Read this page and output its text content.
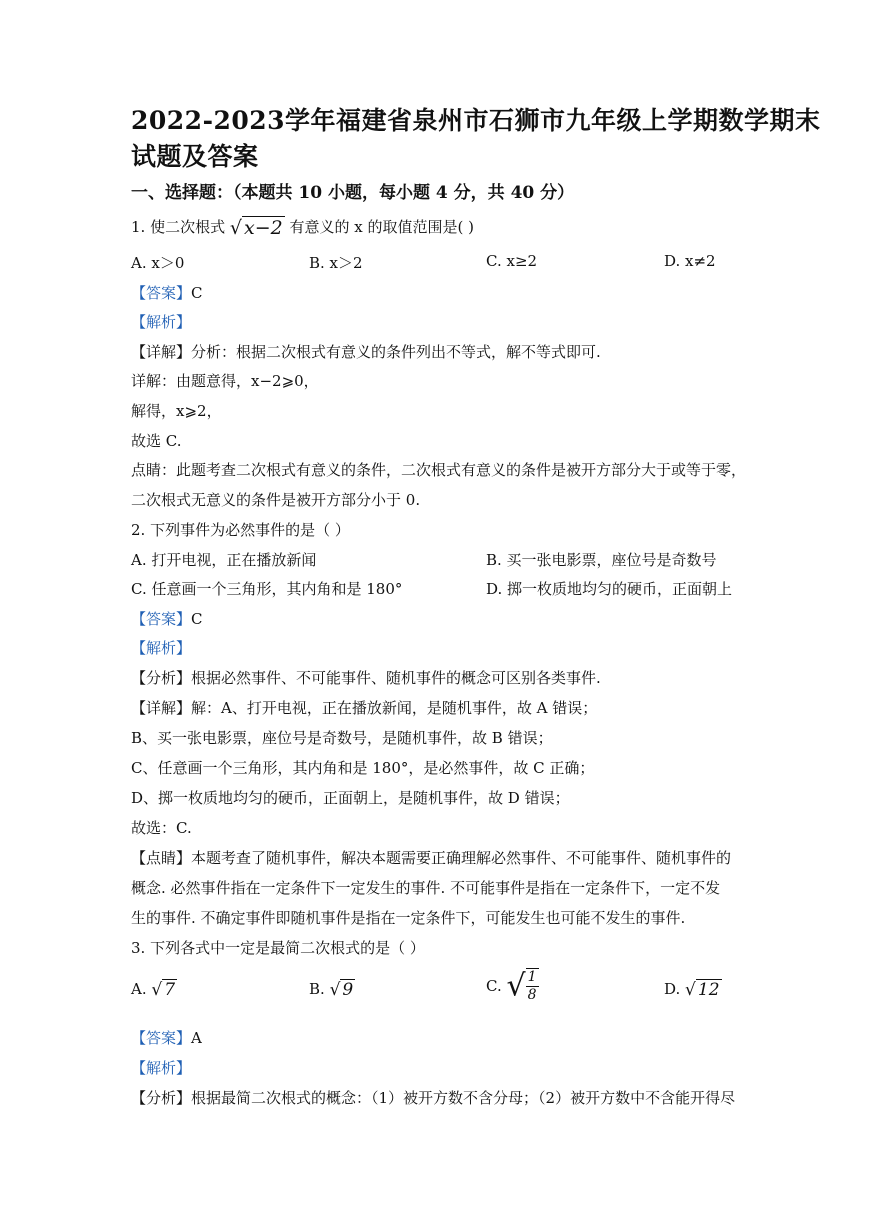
2022-2023学年福建省泉州市石狮市九年级上学期数学期末
试题及答案
一、选择题：（本题共 10 小题，每小题 4 分，共 40 分）
1. 使二次根式 √ x−2 有意义的 x 的取值范围是( )
A. x＞0	B. x＞2	C. x≥2	D. x≠2
【答案】C
【解析】
【详解】分析：根据二次根式有意义的条件列出不等式，解不等式即可.
详解：由题意得，x−2⩾0，
解得，x⩾2，
故选 C.
点睛：此题考查二次根式有意义的条件，二次根式有意义的条件是被开方部分大于或等于零，
二次根式无意义的条件是被开方部分小于 0.
2. 下列事件为必然事件的是（ ）
A. 打开电视，正在播放新闻	B. 买一张电影票，座位号是奇数号
C. 任意画一个三角形，其内角和是 180°	D. 掷一枚质地均匀的硬币，正面朝上
【答案】C
【解析】
【分析】根据必然事件、不可能事件、随机事件的概念可区别各类事件.
【详解】解：A、打开电视，正在播放新闻，是随机事件，故 A 错误；
B、买一张电影票，座位号是奇数号，是随机事件，故 B 错误；
C、任意画一个三角形，其内角和是 180°，是必然事件，故 C 正确；
D、掷一枚质地均匀的硬币，正面朝上，是随机事件，故 D 错误；
故选：C.
【点睛】本题考查了随机事件，解决本题需要正确理解必然事件、不可能事件、随机事件的
概念. 必然事件指在一定条件下一定发生的事件. 不可能事件是指在一定条件下，一定不发
生的事件. 不确定事件即随机事件是指在一定条件下，可能发生也可能不发生的事件.
3. 下列各式中一定是最简二次根式的是（ ）
A. √ 7	B. √ 9	C. √ $\frac{1}{8}$	D. √ 12
【答案】A
【解析】
【分析】根据最简二次根式的概念：（1）被开方数不含分母；（2）被开方数中不含能开得尽
